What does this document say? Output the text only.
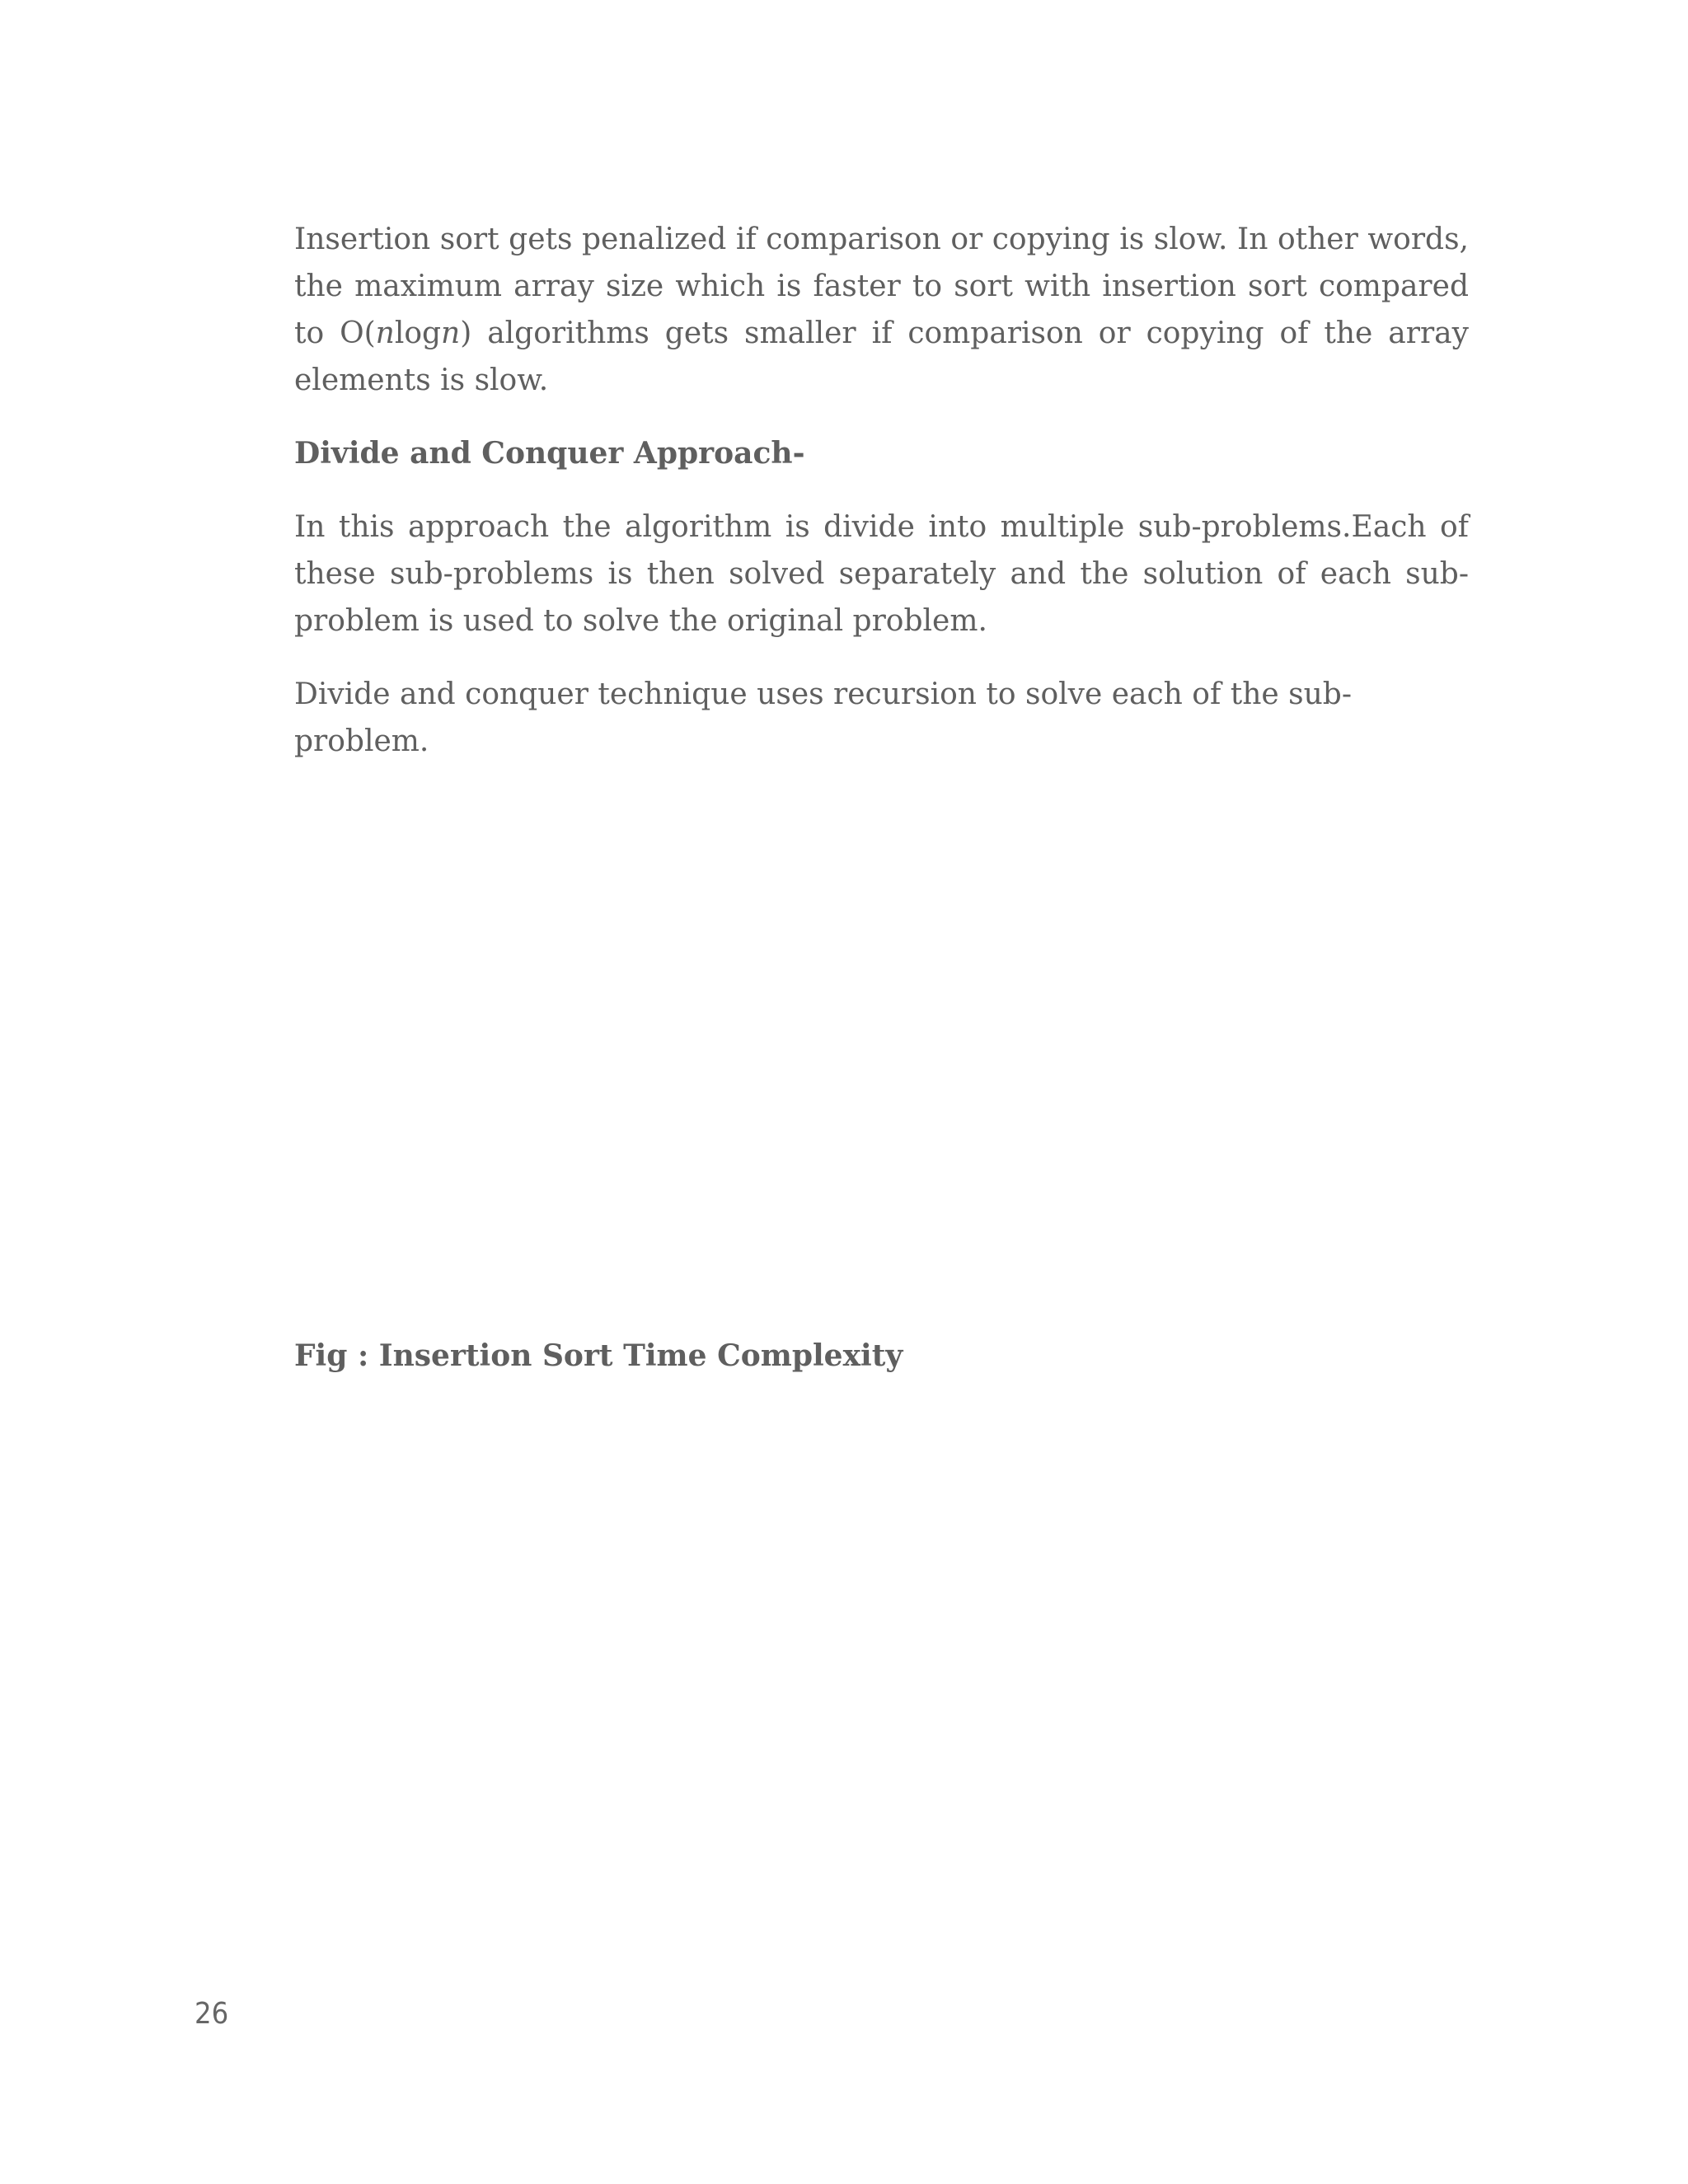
Insertion sort gets penalized if comparison or copying is slow. In other words, the maximum array size which is faster to sort with insertion sort compared to O(nlogn) algorithms gets smaller if comparison or copying of the array elements is slow.

Divide and Conquer Approach-

In this approach the algorithm is divide into multiple sub-problems.Each of these sub-problems is then solved separately and the solution of each sub-problem is used to solve the original problem.

Divide and conquer technique uses recursion to solve each of the sub-problem.

Fig : Insertion Sort Time Complexity

26
